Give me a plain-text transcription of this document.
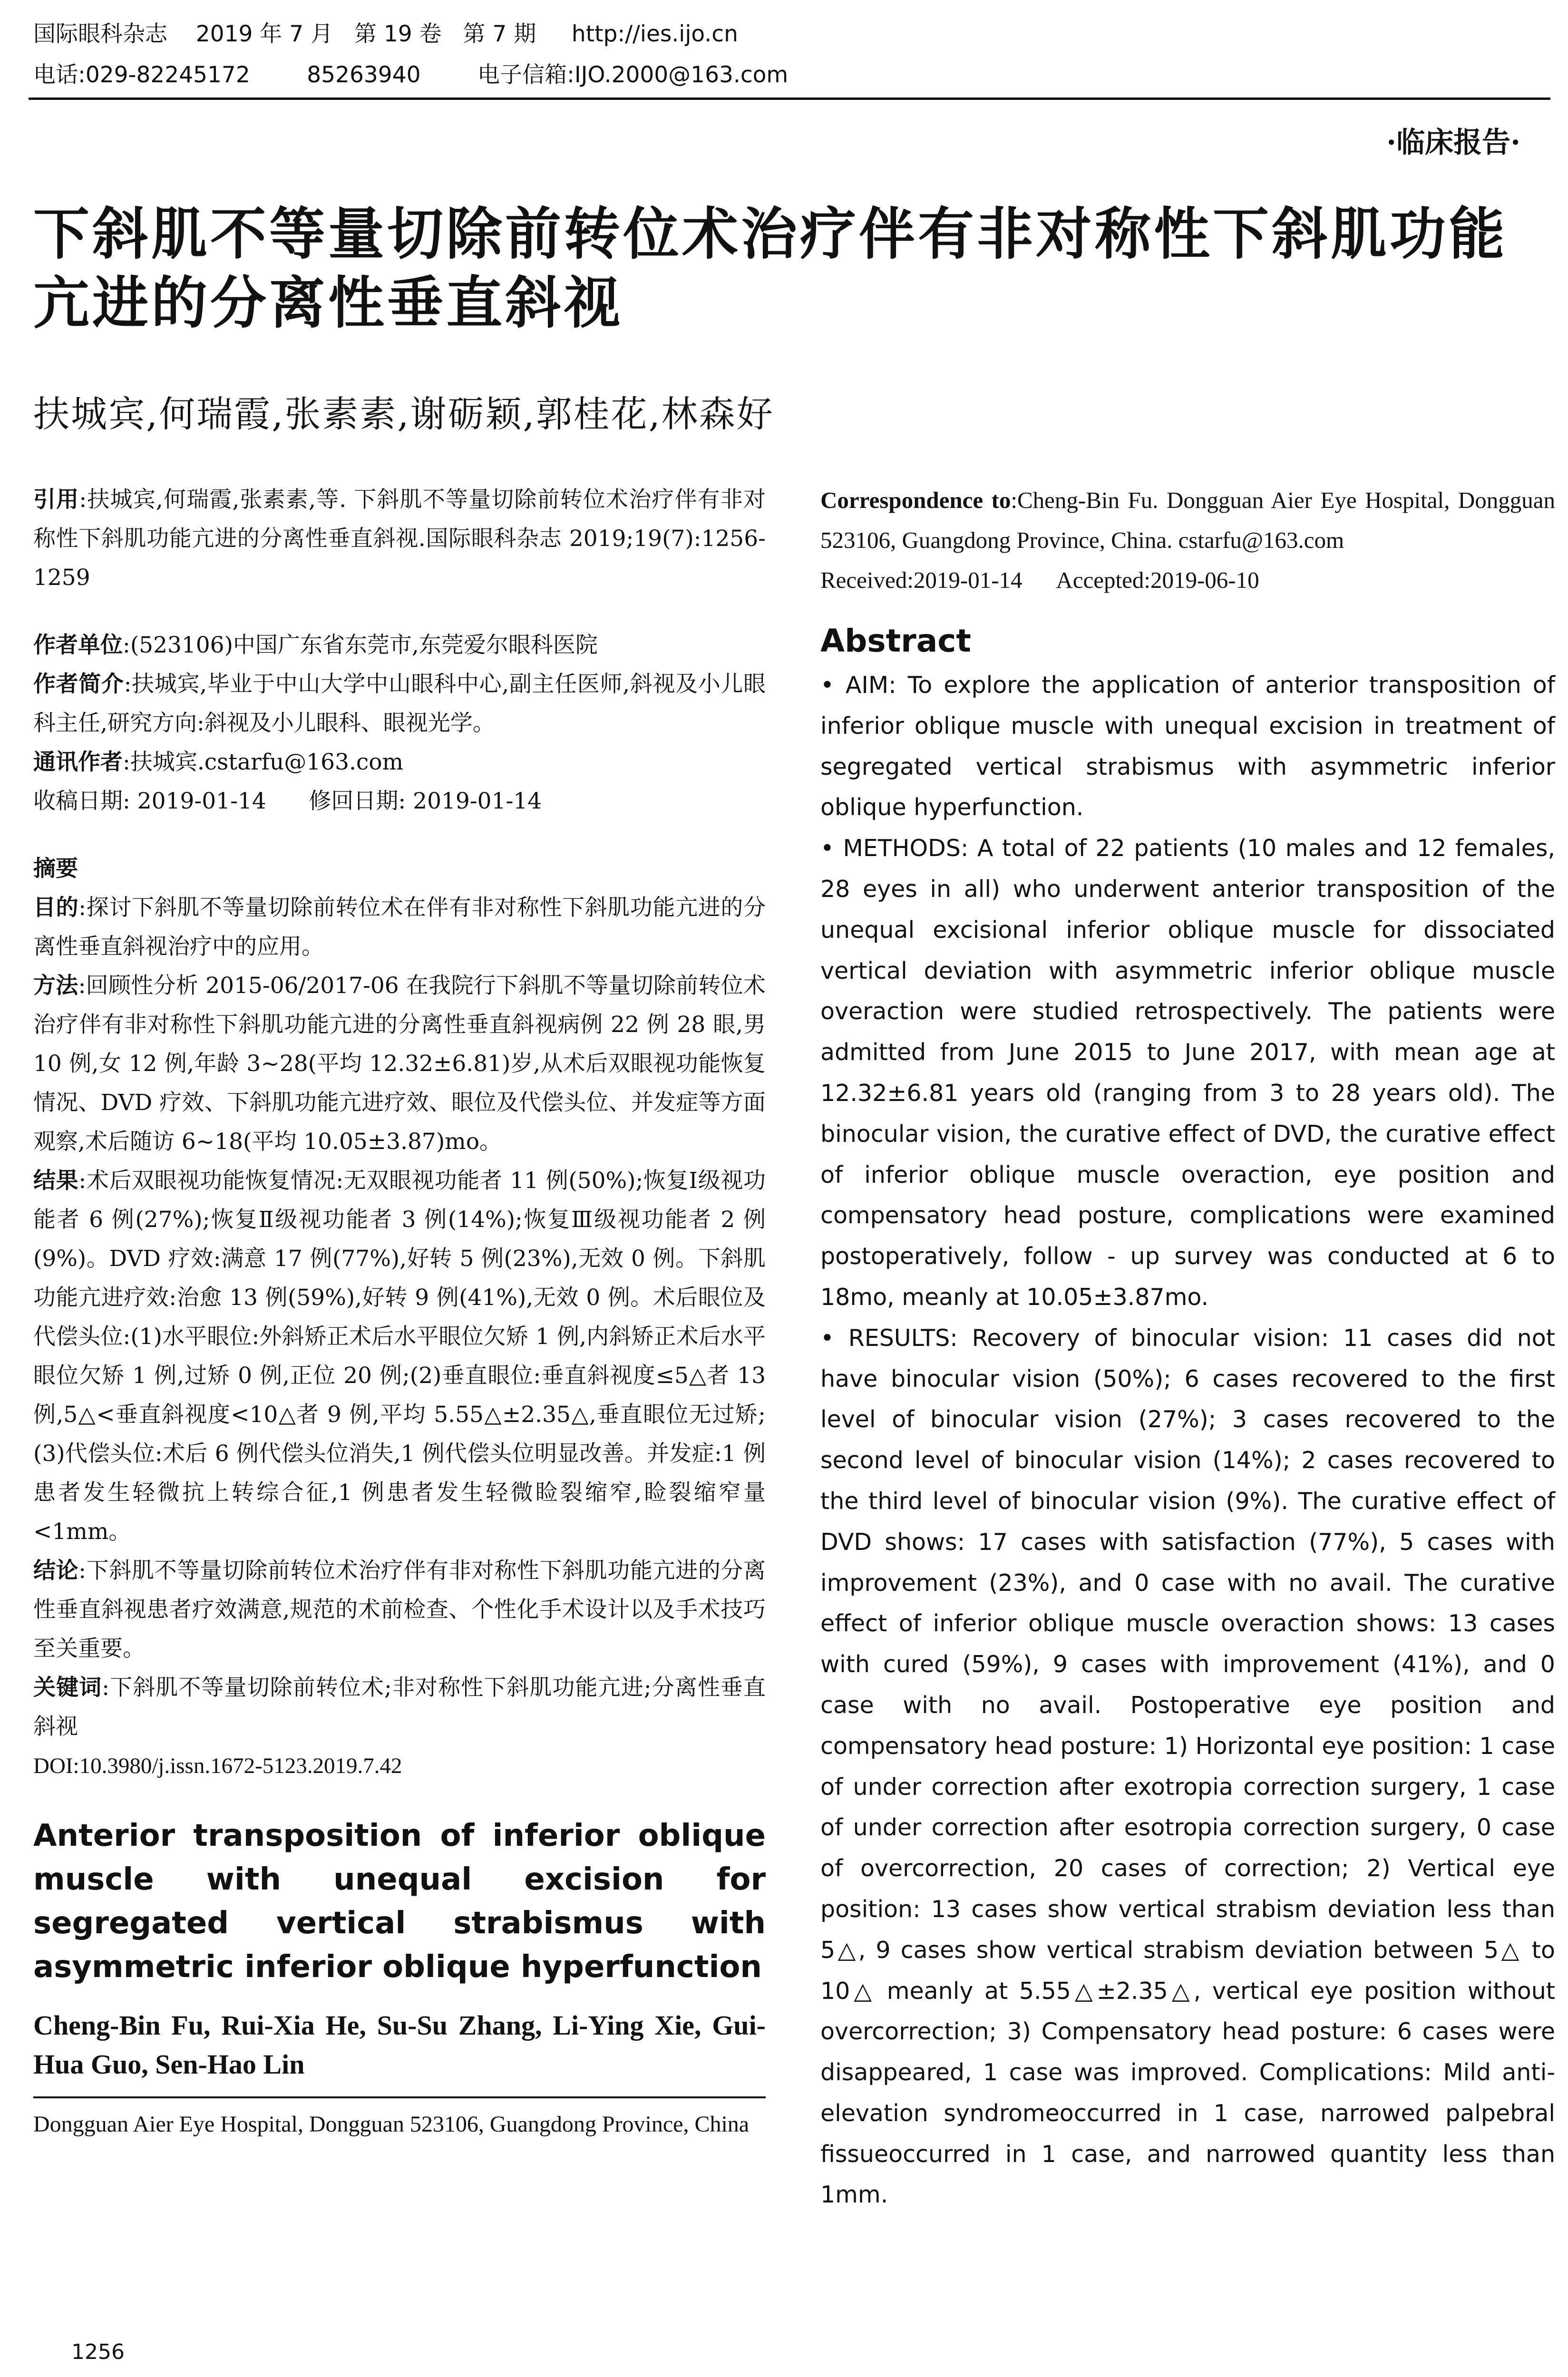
国际眼科杂志    2019 年 7 月   第 19 卷   第 7 期     http://ies.ijo.cn
电话:029-82245172        85263940        电子信箱:IJO.2000@163.com
·临床报告·
下斜肌不等量切除前转位术治疗伴有非对称性下斜肌功能亢进的分离性垂直斜视
扶城宾,何瑞霞,张素素,谢砺颖,郭桂花,林森好

引用:扶城宾,何瑞霞,张素素,等. 下斜肌不等量切除前转位术治疗伴有非对称性下斜肌功能亢进的分离性垂直斜视.国际眼科杂志 2019;19(7):1256-1259

作者单位:(523106)中国广东省东莞市,东莞爱尔眼科医院

作者简介:扶城宾,毕业于中山大学中山眼科中心,副主任医师,斜视及小儿眼科主任,研究方向:斜视及小儿眼科、眼视光学。

通讯作者:扶城宾.cstarfu@163.com

收稿日期: 2019-01-14      修回日期: 2019-01-14

摘要

目的:探讨下斜肌不等量切除前转位术在伴有非对称性下斜肌功能亢进的分离性垂直斜视治疗中的应用。

方法:回顾性分析 2015-06/2017-06 在我院行下斜肌不等量切除前转位术治疗伴有非对称性下斜肌功能亢进的分离性垂直斜视病例 22 例 28 眼,男 10 例,女 12 例,年龄 3~28(平均 12.32±6.81)岁,从术后双眼视功能恢复情况、DVD 疗效、下斜肌功能亢进疗效、眼位及代偿头位、并发症等方面观察,术后随访 6~18(平均 10.05±3.87)mo。

结果:术后双眼视功能恢复情况:无双眼视功能者 11 例(50%);恢复Ⅰ级视功能者 6 例(27%);恢复Ⅱ级视功能者 3 例(14%);恢复Ⅲ级视功能者 2 例(9%)。DVD 疗效:满意 17 例(77%),好转 5 例(23%),无效 0 例。下斜肌功能亢进疗效:治愈 13 例(59%),好转 9 例(41%),无效 0 例。术后眼位及代偿头位:(1)水平眼位:外斜矫正术后水平眼位欠矫 1 例,内斜矫正术后水平眼位欠矫 1 例,过矫 0 例,正位 20 例;(2)垂直眼位:垂直斜视度≤5△者 13 例,5△<垂直斜视度<10△者 9 例,平均 5.55△±2.35△,垂直眼位无过矫;(3)代偿头位:术后 6 例代偿头位消失,1 例代偿头位明显改善。并发症:1 例患者发生轻微抗上转综合征,1 例患者发生轻微睑裂缩窄,睑裂缩窄量<1mm。

结论:下斜肌不等量切除前转位术治疗伴有非对称性下斜肌功能亢进的分离性垂直斜视患者疗效满意,规范的术前检查、个性化手术设计以及手术技巧至关重要。

关键词:下斜肌不等量切除前转位术;非对称性下斜肌功能亢进;分离性垂直斜视

DOI:10.3980/j.issn.1672-5123.2019.7.42

Anterior transposition of inferior oblique muscle with unequal excision for segregated vertical strabismus with asymmetric inferior oblique hyperfunction

Cheng-Bin Fu, Rui-Xia He, Su-Su Zhang, Li-Ying Xie, Gui-Hua Guo, Sen-Hao Lin

Dongguan Aier Eye Hospital, Dongguan 523106, Guangdong Province, China

Correspondence to:Cheng-Bin Fu. Dongguan Aier Eye Hospital, Dongguan 523106, Guangdong Province, China. cstarfu@163.com

Received:2019-01-14      Accepted:2019-06-10

Abstract

• AIM: To explore the application of anterior transposition of inferior oblique muscle with unequal excision in treatment of segregated vertical strabismus with asymmetric inferior oblique hyperfunction.

• METHODS: A total of 22 patients (10 males and 12 females, 28 eyes in all) who underwent anterior transposition of the unequal excisional inferior oblique muscle for dissociated vertical deviation with asymmetric inferior oblique muscle overaction were studied retrospectively. The patients were admitted from June 2015 to June 2017, with mean age at 12.32±6.81 years old (ranging from 3 to 28 years old). The binocular vision, the curative effect of DVD, the curative effect of inferior oblique muscle overaction, eye position and compensatory head posture, complications were examined postoperatively, follow - up survey was conducted at 6 to 18mo, meanly at 10.05±3.87mo.

• RESULTS: Recovery of binocular vision: 11 cases did not have binocular vision (50%); 6 cases recovered to the first level of binocular vision (27%); 3 cases recovered to the second level of binocular vision (14%); 2 cases recovered to the third level of binocular vision (9%). The curative effect of DVD shows: 17 cases with satisfaction (77%), 5 cases with improvement (23%), and 0 case with no avail. The curative effect of inferior oblique muscle overaction shows: 13 cases with cured (59%), 9 cases with improvement (41%), and 0 case with no avail. Postoperative eye position and compensatory head posture: 1) Horizontal eye position: 1 case of under correction after exotropia correction surgery, 1 case of under correction after esotropia correction surgery, 0 case of overcorrection, 20 cases of correction; 2) Vertical eye position: 13 cases show vertical strabism deviation less than 5△, 9 cases show vertical strabism deviation between 5△ to 10△ meanly at 5.55△±2.35△, vertical eye position without overcorrection; 3) Compensatory head posture: 6 cases were disappeared, 1 case was improved. Complications: Mild anti-elevation syndromeoccurred in 1 case, narrowed palpebral fissueoccurred in 1 case, and narrowed quantity less than 1mm.

1256
